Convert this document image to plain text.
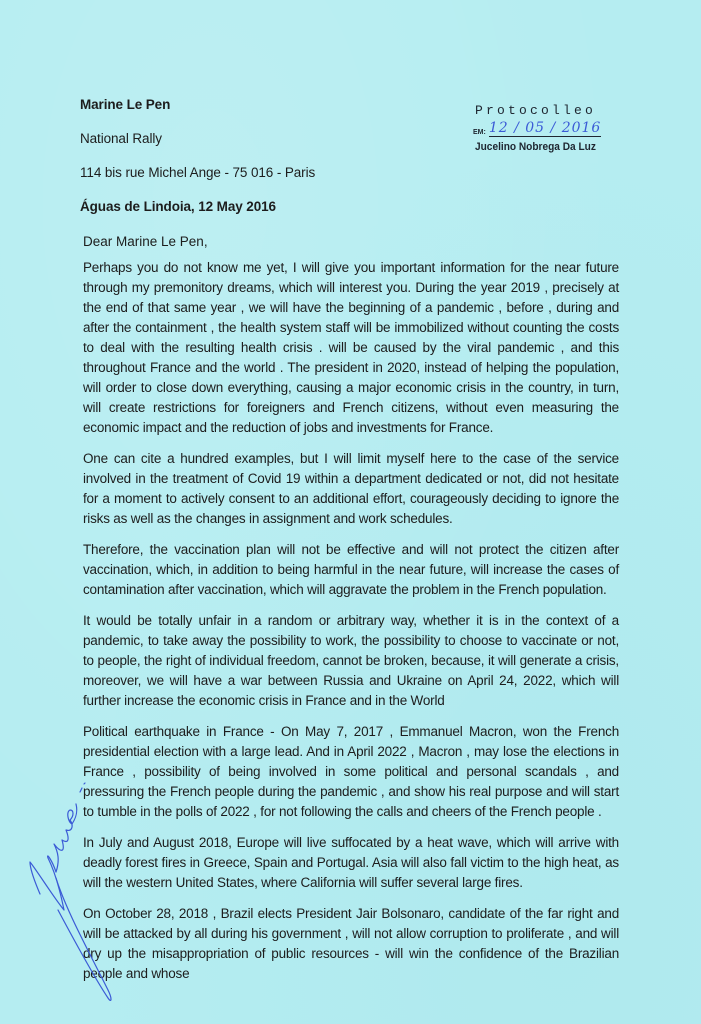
Marine Le Pen
National Rally
114 bis rue Michel Ange - 75 016 - Paris
Águas de Lindoia, 12 May 2016
Protocolleo
EM: 12 / 05 / 2016
Jucelino Nobrega Da Luz
Dear Marine Le Pen,

Perhaps you do not know me yet, I will give you important information for the near future through my premonitory dreams, which will interest you. During the year 2019 , precisely at the end of that same year , we will have the beginning of a pandemic , before , during and after the containment , the health system staff will be immobilized without counting the costs to deal with the resulting health crisis . will be caused by the viral pandemic , and this throughout France and the world . The president in 2020, instead of helping the population, will order to close down everything, causing a major economic crisis in the country, in turn, will create restrictions for foreigners and French citizens, without even measuring the economic impact and the reduction of jobs and investments for France.

One can cite a hundred examples, but I will limit myself here to the case of the service involved in the treatment of Covid 19 within a department dedicated or not, did not hesitate for a moment to actively consent to an additional effort, courageously deciding to ignore the risks as well as the changes in assignment and work schedules.

Therefore, the vaccination plan will not be effective and will not protect the citizen after vaccination, which, in addition to being harmful in the near future, will increase the cases of contamination after vaccination, which will aggravate the problem in the French population.

It would be totally unfair in a random or arbitrary way, whether it is in the context of a pandemic, to take away the possibility to work, the possibility to choose to vaccinate or not, to people, the right of individual freedom, cannot be broken, because, it will generate a crisis, moreover, we will have a war between Russia and Ukraine on April 24, 2022, which will further increase the economic crisis in France and in the World

Political earthquake in France - On May 7, 2017 , Emmanuel Macron, won the French presidential election with a large lead. And in April 2022 , Macron , may lose the elections in France , possibility of being involved in some political and personal scandals , and pressuring the French people during the pandemic , and show his real purpose and will start to tumble in the polls of 2022 , for not following the calls and cheers of the French people .

In July and August 2018, Europe will live suffocated by a heat wave, which will arrive with deadly forest fires in Greece, Spain and Portugal. Asia will also fall victim to the high heat, as will the western United States, where California will suffer several large fires.

On October 28, 2018 , Brazil elects President Jair Bolsonaro, candidate of the far right and will be attacked by all during his government , will not allow corruption to proliferate , and will dry up the misappropriation of public resources - will win the confidence of the Brazilian people and whose
